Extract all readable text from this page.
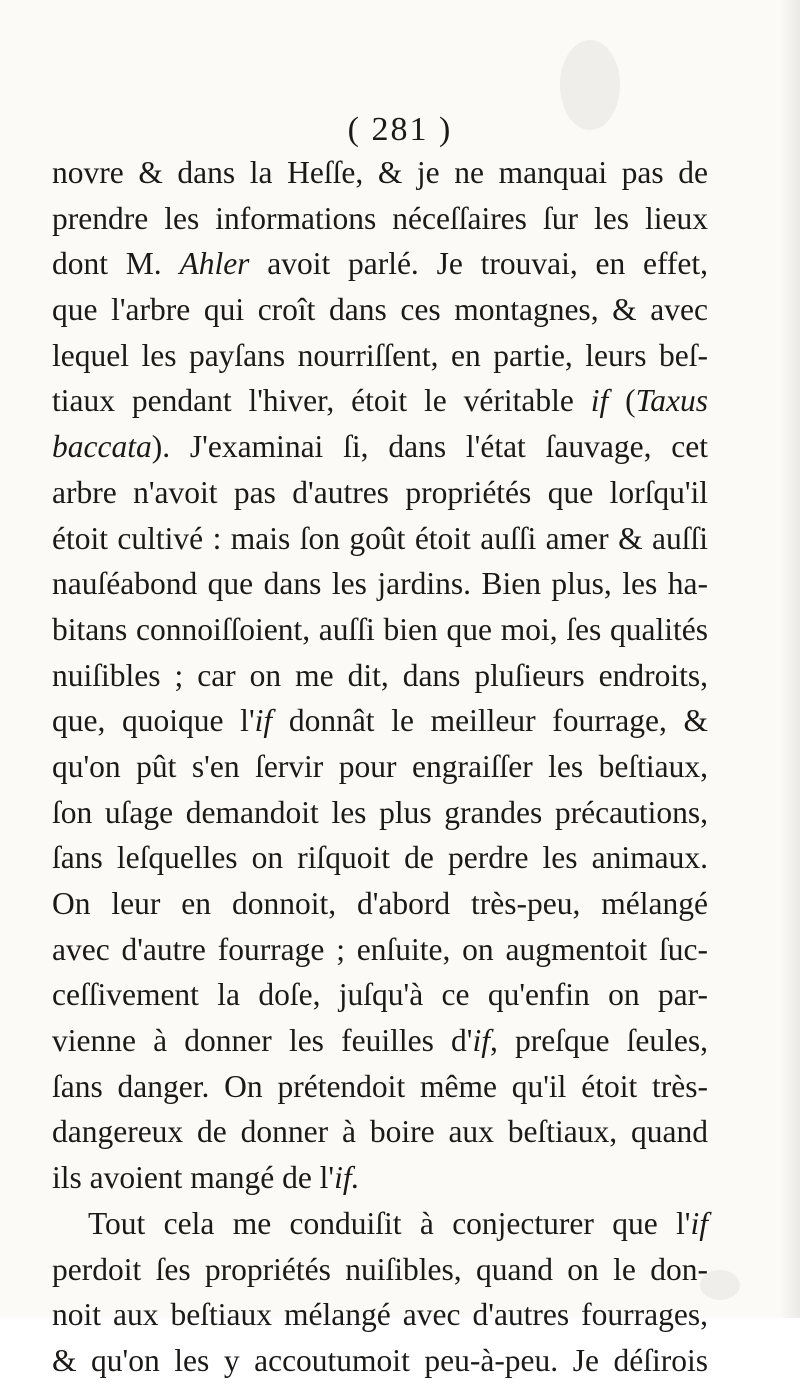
( 281 )
novre & dans la Heſſe, & je ne manquai pas de
prendre les informations néceſſaires ſur les lieux
dont M. Ahler avoit parlé. Je trouvai, en effet,
que l'arbre qui croît dans ces montagnes, & avec
lequel les payſans nourriſſent, en partie, leurs beſ-
tiaux pendant l'hiver, étoit le véritable if (Taxus
baccata). J'examinai ſi, dans l'état ſauvage, cet
arbre n'avoit pas d'autres propriétés que lorſqu'il
étoit cultivé : mais ſon goût étoit auſſi amer & auſſi
nauſéabond que dans les jardins. Bien plus, les ha-
bitans connoiſſoient, auſſi bien que moi, ſes qualités
nuiſibles ; car on me dit, dans pluſieurs endroits,
que, quoique l'if donnât le meilleur fourrage, &
qu'on pût s'en ſervir pour engraiſſer les beſtiaux,
ſon uſage demandoit les plus grandes précautions,
ſans leſquelles on riſquoit de perdre les animaux.
On leur en donnoit, d'abord très-peu, mélangé
avec d'autre fourrage ; enſuite, on augmentoit ſuc-
ceſſivement la doſe, juſqu'à ce qu'enfin on par-
vienne à donner les feuilles d'if, preſque ſeules,
ſans danger. On prétendoit même qu'il étoit très-
dangereux de donner à boire aux beſtiaux, quand
ils avoient mangé de l'if.
Tout cela me conduiſit à conjecturer que l'if
perdoit ſes propriétés nuiſibles, quand on le don-
noit aux beſtiaux mélangé avec d'autres fourrages,
& qu'on les y accoutumoit peu-à-peu. Je déſirois
